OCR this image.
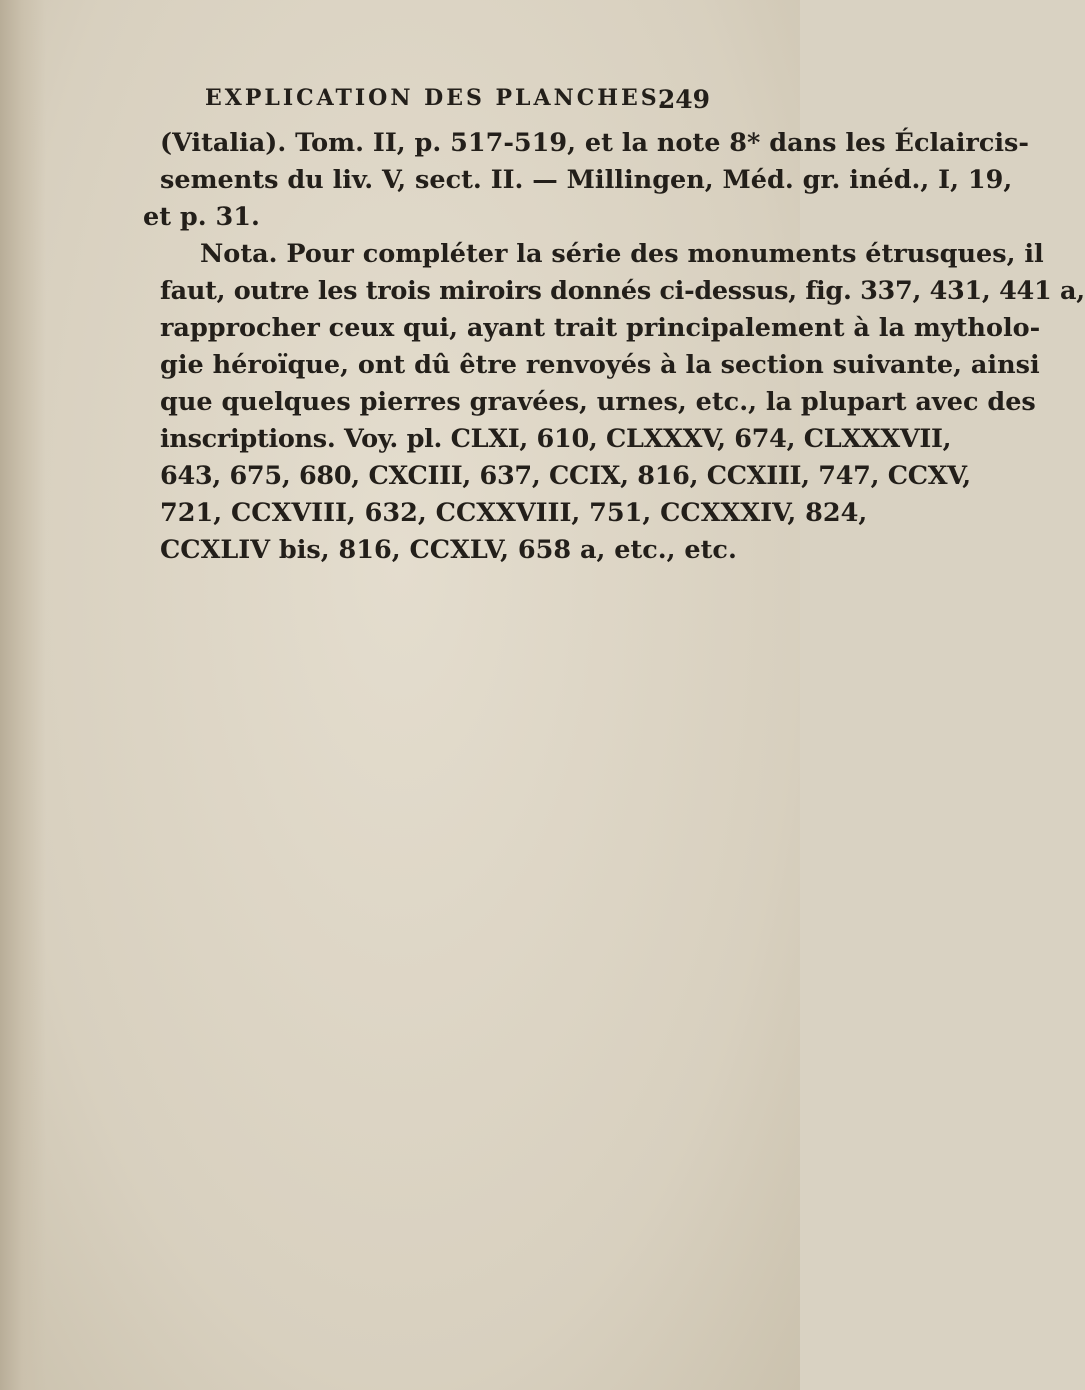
EXPLICATION DES PLANCHES.
249
(Vitalia). Tom. II, p. 517-519, et la note 8* dans les Éclaircis-
sements du liv. V, sect. II. — Millingen, Méd. gr. inéd., I, 19,
et p. 31.
Nota. Pour compléter la série des monuments étrusques, il
faut, outre les trois miroirs donnés ci-dessus, fig. 337, 431, 441 a,
rapprocher ceux qui, ayant trait principalement à la mytholo-
gie héroïque, ont dû être renvoyés à la section suivante, ainsi
que quelques pierres gravées, urnes, etc., la plupart avec des
inscriptions. Voy. pl. CLXI, 610, CLXXXV, 674, CLXXXVII,
643, 675, 680, CXCIII, 637, CCIX, 816, CCXIII, 747, CCXV,
721, CCXVIII, 632, CCXXVIII, 751, CCXXXIV, 824,
CCXLIV bis, 816, CCXLV, 658 a, etc., etc.
